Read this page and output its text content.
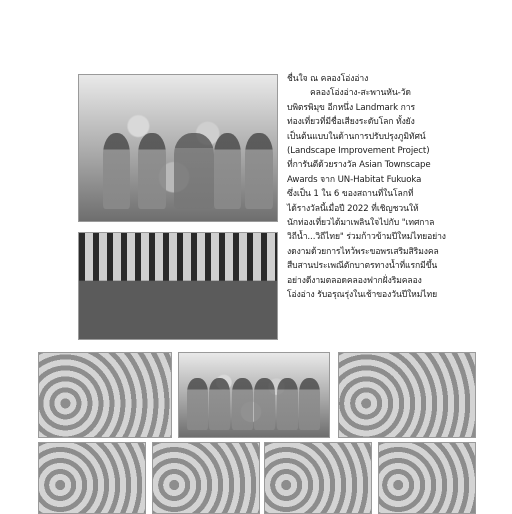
ชื่นใจ ณ คลองโอ่งอ่าง

คลองโอ่งอ่าง-สะพานหัน-วัด

บพิตรพิมุข อีกหนึ่ง Landmark การ

ท่องเที่ยวที่มีชื่อเสียงระดับโลก ทั้งยัง

เป็นต้นแบบในด้านการปรับปรุงภูมิทัศน์

(Landscape Improvement Project)

ที่การันตีด้วยรางวัล Asian Townscape

Awards จาก UN-Habitat Fukuoka

ซึ่งเป็น 1 ใน 6 ของสถานที่ในโลกที่

ได้รางวัลนี้เมื่อปี 2022 ที่เชิญชวนให้

นักท่องเที่ยวได้มาเพลินใจไปกับ "เทศกาล

วิถีน้ำ...วิถีไทย" ร่วมก้าวข้ามปีใหม่ไทยอย่าง

งดงามด้วยการไหว้พระขอพรเสริมสิริมงคล

สืบสานประเพณีตักบาตรทางน้ำที่แรกมีขึ้น

อย่างดีงามตลอดคลองฟากฝั่งริมคลอง

โอ่งอ่าง รับอรุณรุ่งในเช้าของวันปีใหม่ไทย
